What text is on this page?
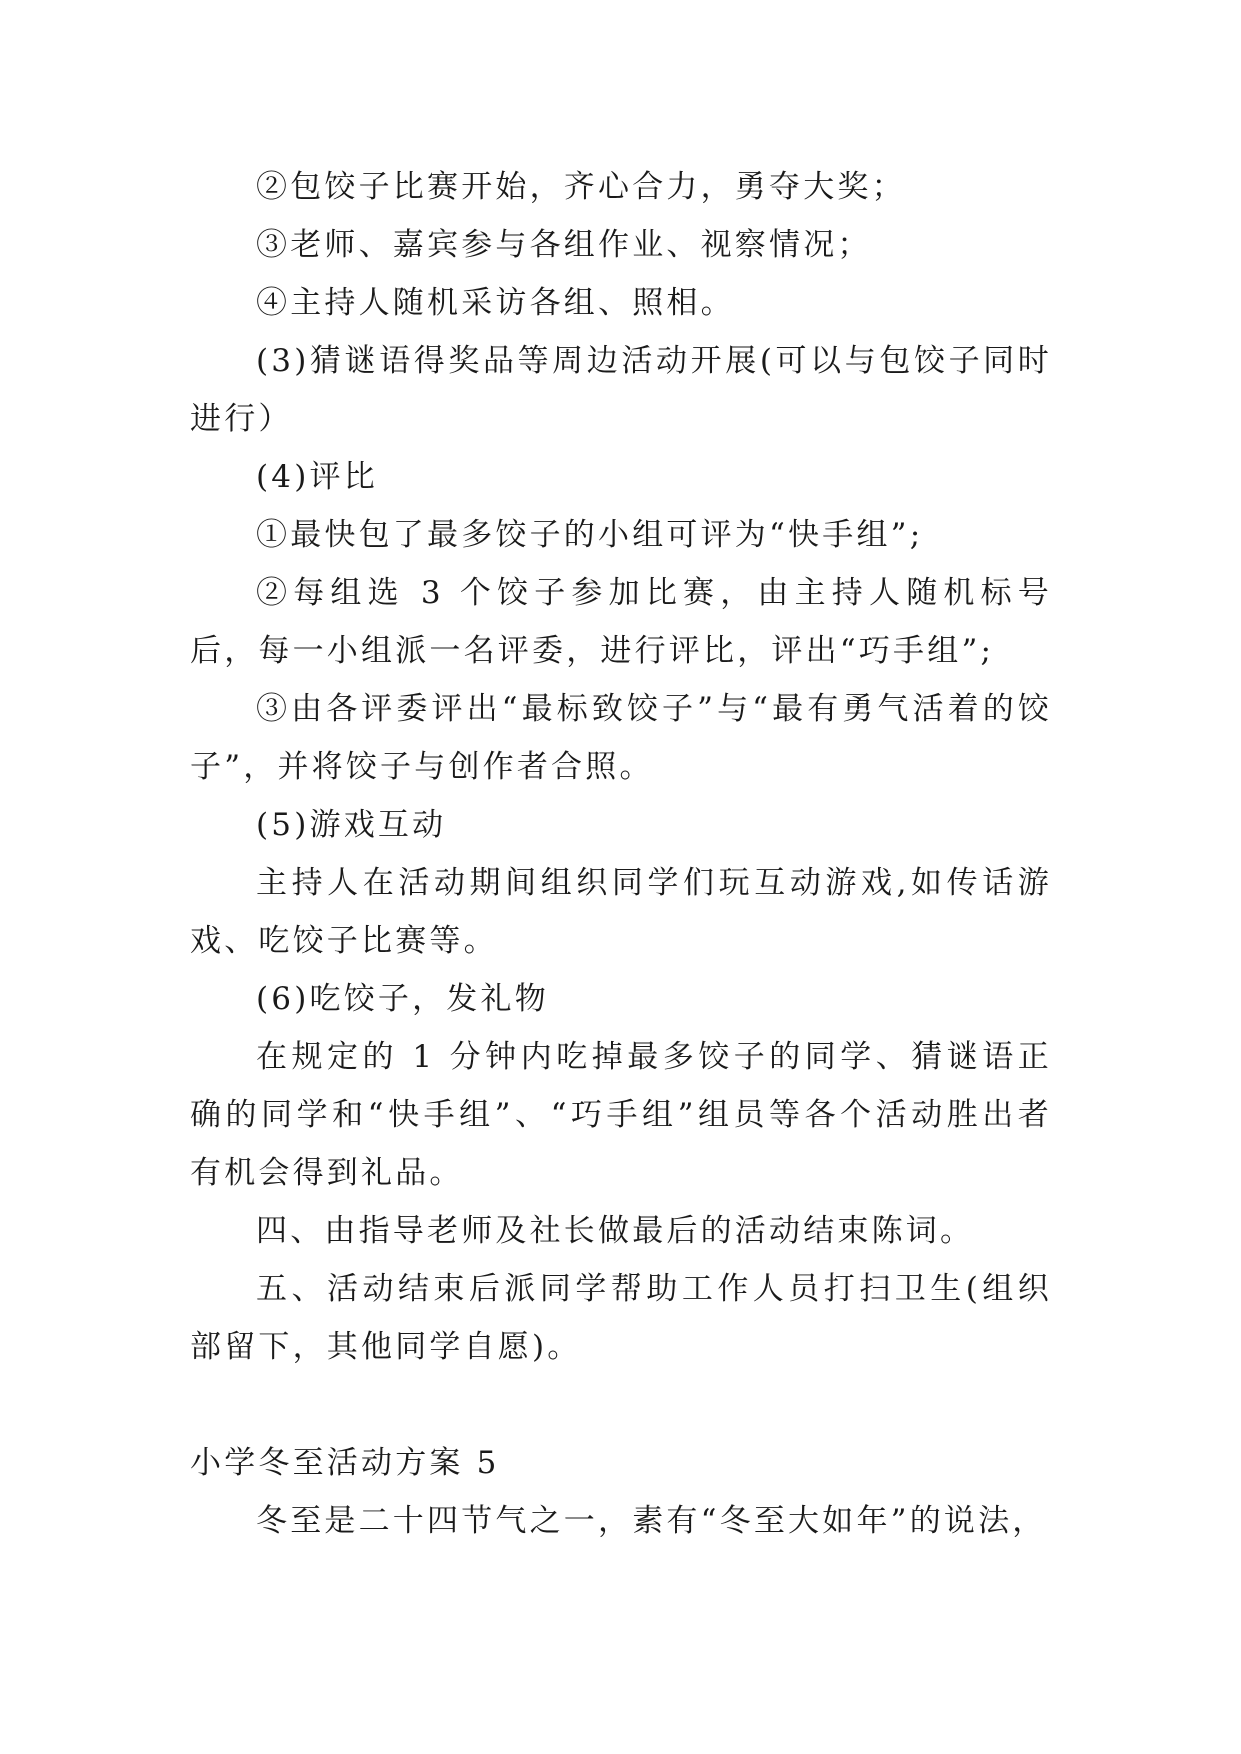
②包饺子比赛开始，齐心合力，勇夺大奖；

③老师、嘉宾参与各组作业、视察情况；

④主持人随机采访各组、照相。

(3)猜谜语得奖品等周边活动开展(可以与包饺子同时进行）

(4)评比

①最快包了最多饺子的小组可评为“快手组”;

②每组选 3 个饺子参加比赛，由主持人随机标号后，每一小组派一名评委，进行评比，评出“巧手组”;

③由各评委评出“最标致饺子”与“最有勇气活着的饺子”，并将饺子与创作者合照。

(5)游戏互动

主持人在活动期间组织同学们玩互动游戏,如传话游戏、吃饺子比赛等。

(6)吃饺子，发礼物

在规定的 1 分钟内吃掉最多饺子的同学、猜谜语正确的同学和“快手组”、“巧手组”组员等各个活动胜出者有机会得到礼品。

四、由指导老师及社长做最后的活动结束陈词。

五、活动结束后派同学帮助工作人员打扫卫生(组织部留下，其他同学自愿)。

小学冬至活动方案 5

冬至是二十四节气之一，素有“冬至大如年”的说法，
